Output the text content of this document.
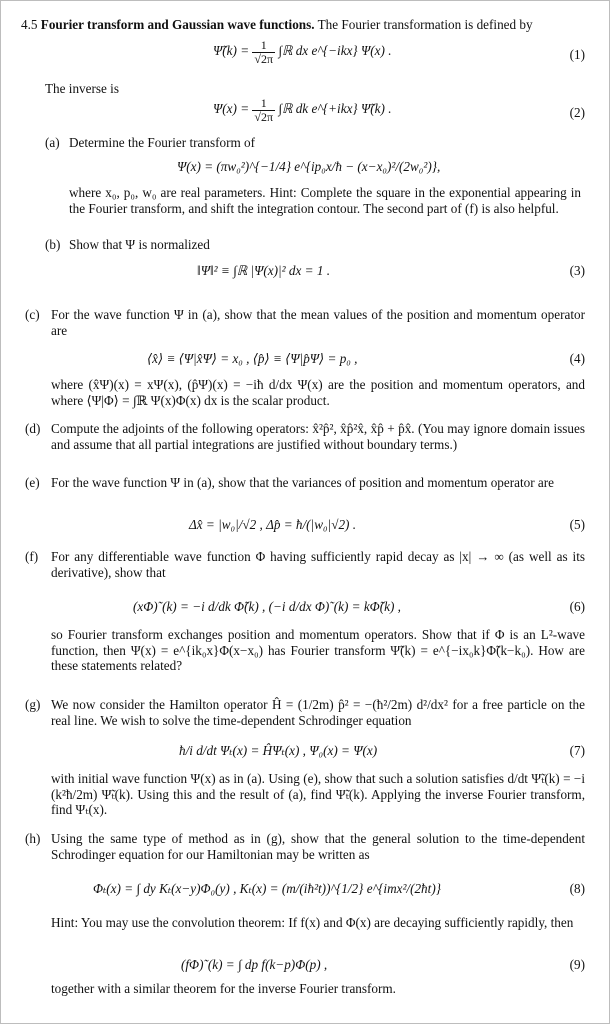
4.5 Fourier transform and Gaussian wave functions. The Fourier transformation is defined by
Ψ̃(k) = $\frac{1}{√2\pi}$ ∫ℝ dx e^{−ikx} Ψ(x) .	(1)
The inverse is
$\Psi(x) = \frac{1}{√2\pi}$ ∫ℝ dk e^{+ikx} Ψ̃(k) .	(2)
(a) Determine the Fourier transform of
Ψ(x) = (πw₀²)^{−1/4} e^{ip₀x/ħ − (x−x₀)²/(2w₀²)},
where x₀, p₀, w₀ are real parameters. Hint: Complete the square in the exponential appearing in the Fourier transform, and shift the integration contour. The second part of (f) is also helpful.
(b) Show that Ψ is normalized
‖Ψ‖² ≡ ∫ℝ |Ψ(x)|² dx = 1 .	(3)
(c) For the wave function Ψ in (a), show that the mean values of the position and momentum operator are
⟨x̂⟩ ≡ ⟨Ψ|x̂Ψ⟩ = x₀ , ⟨p̂⟩ ≡ ⟨Ψ|p̂Ψ⟩ = p₀ ,	(4)
where (x̂Ψ)(x) = xΨ(x), (p̂Ψ)(x) = −iħ d/dx Ψ(x) are the position and momentum operators, and where ⟨Ψ|Φ⟩ = ∫ℝ Ψ(x)Φ(x) dx is the scalar product.
(d) Compute the adjoints of the following operators: x̂²p̂², x̂p̂²x̂, x̂p̂ + p̂x̂. (You may ignore domain issues and assume that all partial integrations are justified without boundary terms.)
(e) For the wave function Ψ in (a), show that the variances of position and momentum operator are
Δx̂ = |w₀|/√2 , Δp̂ = ħ/(|w₀|√2) .	(5)
(f) For any differentiable wave function Φ having sufficiently rapid decay as |x| → ∞ (as well as its derivative), show that
(xΦ)˜(k) = −i d/dk Φ̃(k) , (−i d/dx Φ)˜(k) = kΦ̃(k) ,	(6)
so Fourier transform exchanges position and momentum operators. Show that if Φ is an L²-wave function, then Ψ(x) = e^{ik₀x}Φ(x−x₀) has Fourier transform Ψ̃(k) = e^{−ix₀k}Φ̃(k−k₀). How are these statements related?
(g) We now consider the Hamilton operator Ĥ = (1/2m) p̂² = −(ħ²/2m) d²/dx² for a free particle on the real line. We wish to solve the time-dependent Schrodinger equation
ħ/i d/dt Ψₜ(x) = ĤΨₜ(x) , Ψ₀(x) = Ψ(x)	(7)
with initial wave function Ψ(x) as in (a). Using (e), show that such a solution satisfies d/dt Ψ̃ₜ(k) = −i (k²ħ/2m) Ψ̃ₜ(k). Using this and the result of (a), find Ψ̃ₜ(k). Applying the inverse Fourier transform, find Ψₜ(x).
(h) Using the same type of method as in (g), show that the general solution to the time-dependent Schrodinger equation for our Hamiltonian may be written as
Φₜ(x) = ∫ dy Kₜ(x−y)Φ₀(y) , Kₜ(x) = (m/(iħ²t))^{1/2} e^{imx²/(2ħt)}	(8)
Hint: You may use the convolution theorem: If f(x) and Φ(x) are decaying sufficiently rapidly, then
(fΦ)˜(k) = ∫ dp f(k−p)Φ(p) ,	(9)
together with a similar theorem for the inverse Fourier transform.
